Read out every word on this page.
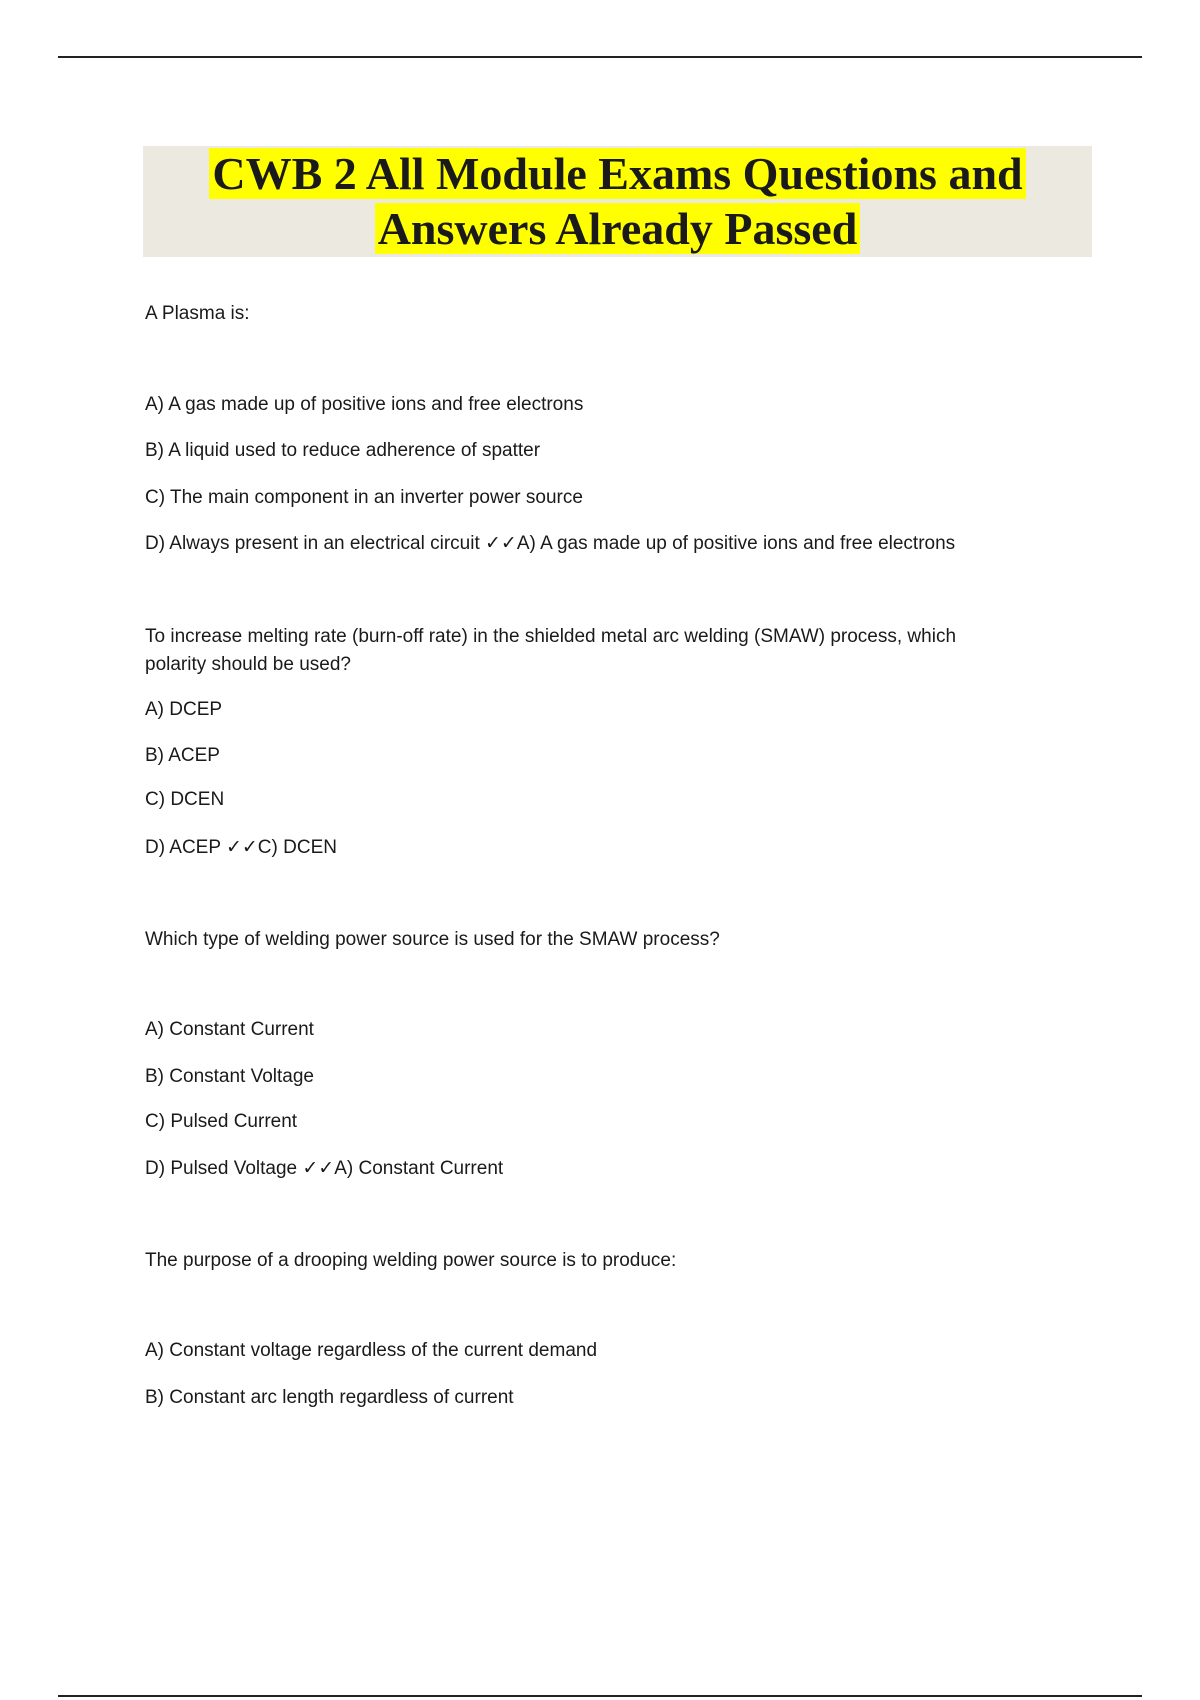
CWB 2 All Module Exams Questions and
Answers Already Passed
A Plasma is:
A) A gas made up of positive ions and free electrons
B) A liquid used to reduce adherence of spatter
C) The main component in an inverter power source
D) Always present in an electrical circuit ✓✓A) A gas made up of positive ions and free electrons
To increase melting rate (burn-off rate) in the shielded metal arc welding (SMAW) process, which
polarity should be used?
A) DCEP
B) ACEP
C) DCEN
D) ACEP ✓✓C) DCEN
Which type of welding power source is used for the SMAW process?
A) Constant Current
B) Constant Voltage
C) Pulsed Current
D) Pulsed Voltage ✓✓A) Constant Current
The purpose of a drooping welding power source is to produce:
A) Constant voltage regardless of the current demand
B) Constant arc length regardless of current
